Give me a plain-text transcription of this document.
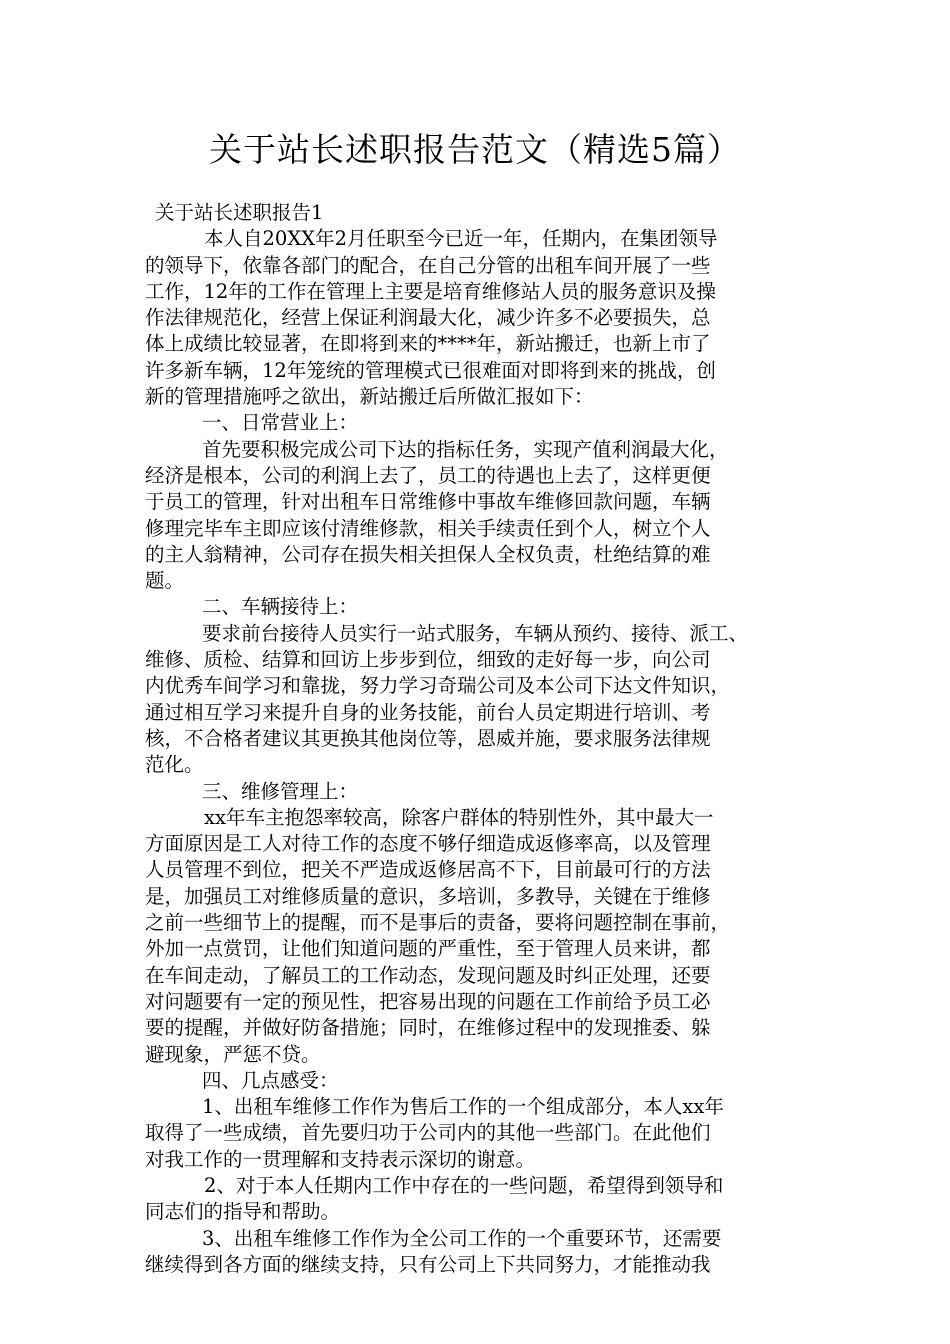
关于站长述职报告范文（精选5篇）
关于站长述职报告1
本人自20XX年2月任职至今已近一年，任期内，在集团领导
的领导下，依靠各部门的配合，在自己分管的出租车间开展了一些
工作，12年的工作在管理上主要是培育维修站人员的服务意识及操
作法律规范化，经营上保证利润最大化，减少许多不必要损失，总
体上成绩比较显著，在即将到来的****年，新站搬迁，也新上市了
许多新车辆，12年笼统的管理模式已很难面对即将到来的挑战，创
新的管理措施呼之欲出，新站搬迁后所做汇报如下：
一、日常营业上：
首先要积极完成公司下达的指标任务，实现产值利润最大化，
经济是根本，公司的利润上去了，员工的待遇也上去了，这样更便
于员工的管理，针对出租车日常维修中事故车维修回款问题，车辆
修理完毕车主即应该付清维修款，相关手续责任到个人，树立个人
的主人翁精神，公司存在损失相关担保人全权负责，杜绝结算的难
题。
二、车辆接待上：
要求前台接待人员实行一站式服务，车辆从预约、接待、派工、
维修、质检、结算和回访上步步到位，细致的走好每一步，向公司
内优秀车间学习和靠拢，努力学习奇瑞公司及本公司下达文件知识，
通过相互学习来提升自身的业务技能，前台人员定期进行培训、考
核，不合格者建议其更换其他岗位等，恩威并施，要求服务法律规
范化。
三、维修管理上：
xx年车主抱怨率较高，除客户群体的特别性外，其中最大一
方面原因是工人对待工作的态度不够仔细造成返修率高，以及管理
人员管理不到位，把关不严造成返修居高不下，目前最可行的方法
是，加强员工对维修质量的意识，多培训，多教导，关键在于维修
之前一些细节上的提醒，而不是事后的责备，要将问题控制在事前，
外加一点赏罚，让他们知道问题的严重性，至于管理人员来讲，都
在车间走动，了解员工的工作动态，发现问题及时纠正处理，还要
对问题要有一定的预见性，把容易出现的问题在工作前给予员工必
要的提醒，并做好防备措施；同时，在维修过程中的发现推委、躲
避现象，严惩不贷。
四、几点感受：
1、出租车维修工作作为售后工作的一个组成部分，本人xx年
取得了一些成绩，首先要归功于公司内的其他一些部门。在此他们
对我工作的一贯理解和支持表示深切的谢意。
2、对于本人任期内工作中存在的一些问题，希望得到领导和
同志们的指导和帮助。
3、出租车维修工作作为全公司工作的一个重要环节，还需要
继续得到各方面的继续支持，只有公司上下共同努力，才能推动我
